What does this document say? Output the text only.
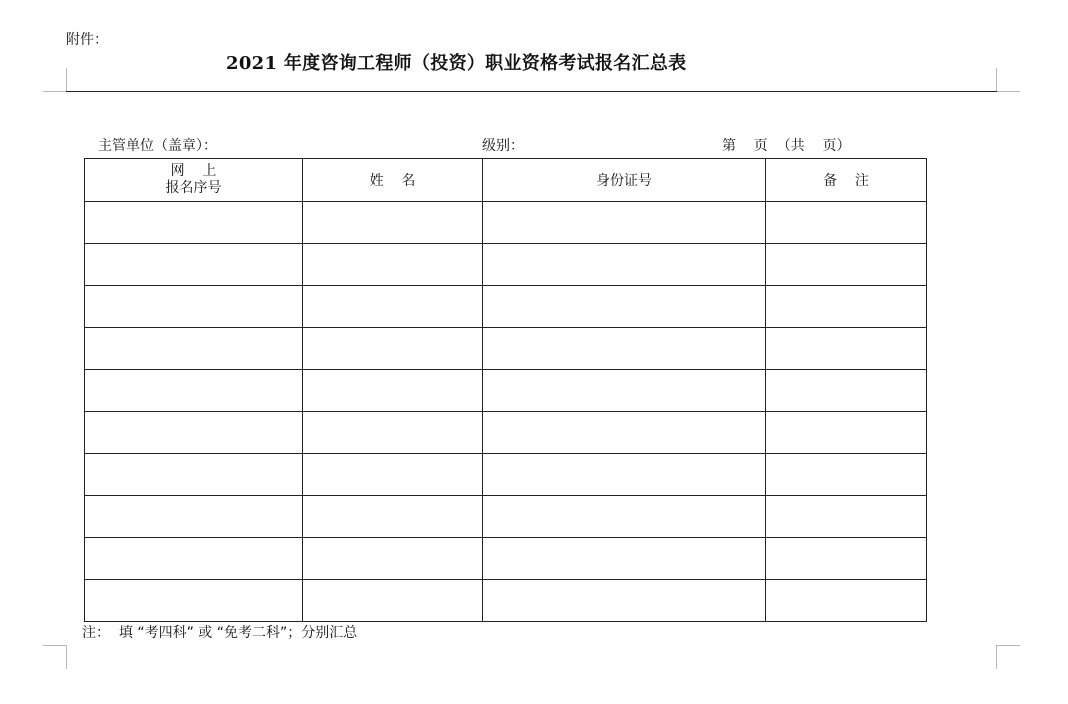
附件：
2021 年度咨询工程师（投资）职业资格考试报名汇总表
主管单位（盖章）：	级别：	第    页  （共    页）
网    上
报名序号	姓    名	身份证号	备    注

注：  填 “考四科” 或 “免考二科”；分别汇总
